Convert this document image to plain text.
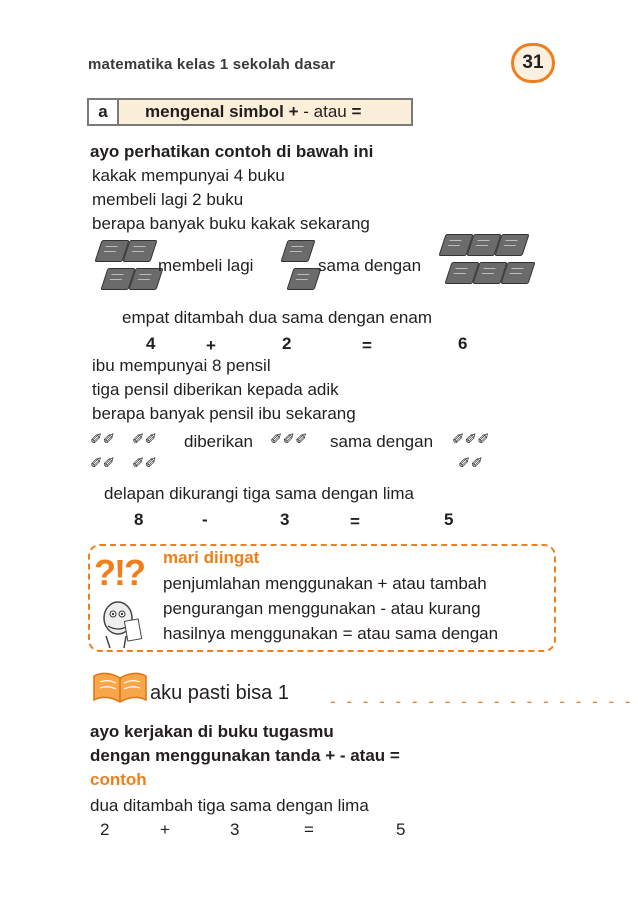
matematika kelas 1 sekolah dasar	31
a	mengenal simbol + - atau =
ayo perhatikan contoh di bawah ini
kakak mempunyai 4 buku
membeli lagi 2 buku
berapa banyak buku kakak sekarang
membeli lagi	sama dengan
empat ditambah dua sama dengan enam
4	+	2	=	6
ibu mempunyai 8 pensil
tiga pensil diberikan kepada adik
berapa banyak pensil ibu sekarang
✐✐ ✐✐
✐✐ ✐✐
diberikan ✐✐✐ sama dengan ✐✐✐
✐✐
delapan dikurangi tiga sama dengan lima
8	-	3	=	5
?!? mari diingat
penjumlahan menggunakan + atau tambah
pengurangan menggunakan - atau kurang
hasilnya menggunakan = atau sama dengan
aku pasti bisa 1 - - - - - - - - - - - - - - - - - - -
ayo kerjakan di buku tugasmu
dengan menggunakan tanda + - atau =
contoh
dua ditambah tiga sama dengan lima
2	+	3	=	5
